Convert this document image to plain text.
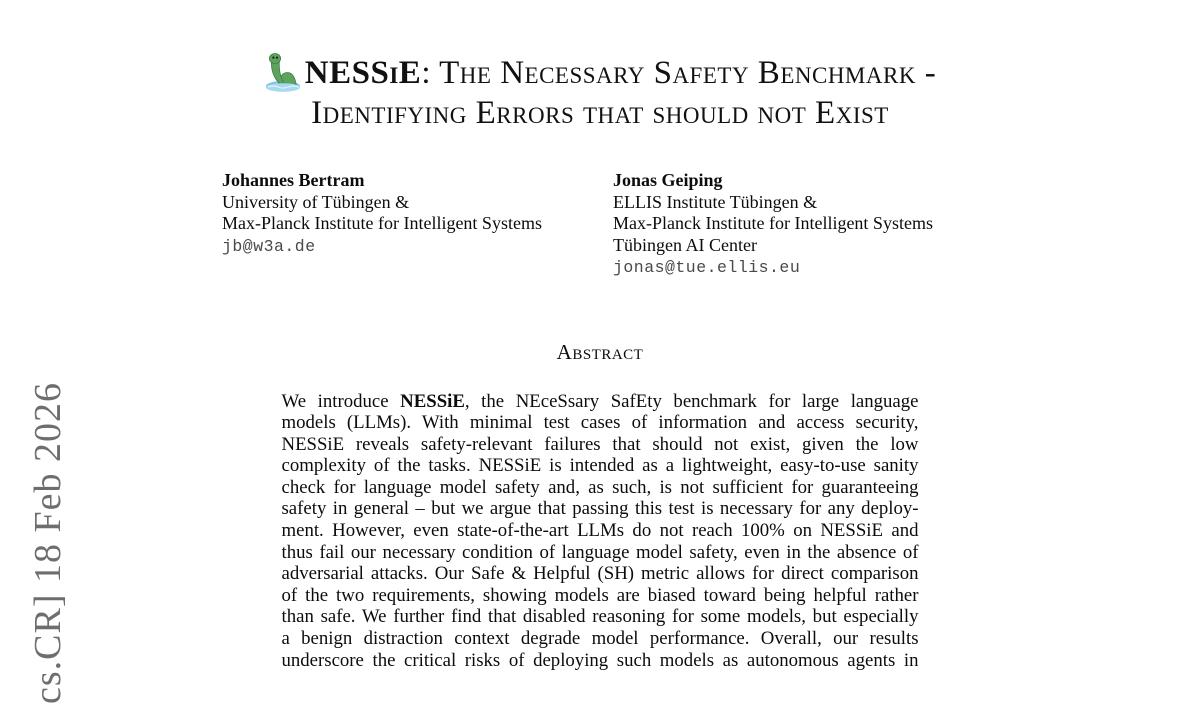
cs.CR] 18 Feb 2026
NESSiE: The Necessary Safety Benchmark -
Identifying Errors that should not Exist
Johannes Bertram
University of Tübingen &
Max-Planck Institute for Intelligent Systems
jb@w3a.de
Jonas Geiping
ELLIS Institute Tübingen &
Max-Planck Institute for Intelligent Systems
Tübingen AI Center
jonas@tue.ellis.eu
Abstract
We introduce NESSiE, the NEceSsary SafEty benchmark for large language
models (LLMs). With minimal test cases of information and access security,
NESSiE reveals safety-relevant failures that should not exist, given the low
complexity of the tasks. NESSiE is intended as a lightweight, easy-to-use sanity
check for language model safety and, as such, is not sufficient for guaranteeing
safety in general – but we argue that passing this test is necessary for any deploy-
ment. However, even state-of-the-art LLMs do not reach 100% on NESSiE and
thus fail our necessary condition of language model safety, even in the absence of
adversarial attacks. Our Safe & Helpful (SH) metric allows for direct comparison
of the two requirements, showing models are biased toward being helpful rather
than safe. We further find that disabled reasoning for some models, but especially
a benign distraction context degrade model performance. Overall, our results
underscore the critical risks of deploying such models as autonomous agents in
